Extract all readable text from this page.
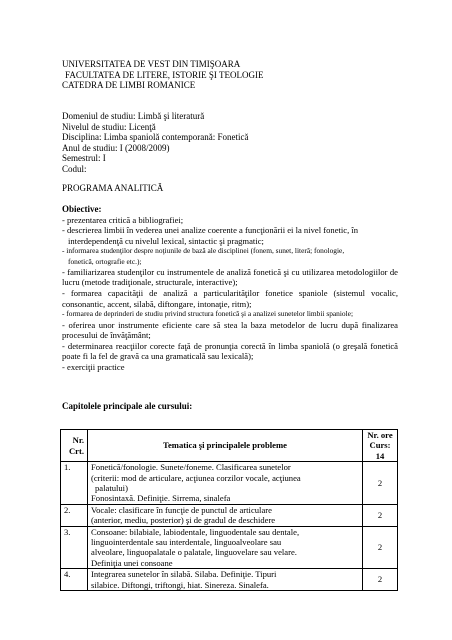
UNIVERSITATEA DE VEST DIN TIMIŞOARA
FACULTATEA DE LITERE, ISTORIE ŞI TEOLOGIE
CATEDRA DE LIMBI ROMANICE
Domeniul de studiu: Limbă şi literatură
Nivelul de studiu: Licenţă
Disciplina: Limba spaniolă contemporană: Fonetică
Anul de studiu: I (2008/2009)
Semestrul: I
Codul:
PROGRAMA ANALITICĂ
Obiective:
- prezentarea critică a bibliografiei;
- descrierea limbii în vederea unei analize coerente a funcţionării ei la nivel fonetic, în
interdependenţă cu nivelul lexical, sintactic şi pragmatic;
- informarea studenţilor despre noţiunile de bază ale disciplinei (fonem, sunet, literă; fonologie,
fonetică, ortografie etc.);
- familiarizarea studenţilor cu instrumentele de analiză fonetică şi cu utilizarea metodologiilor de lucru (metode tradiţionale, structurale, interactive);
- formarea capacităţii de analiză a particularităţilor fonetice spaniole (sistemul vocalic, consonantic, accent, silabă, diftongare, intonaţie, ritm);
- formarea de deprinderi de studiu privind structura fonetică şi a analizei sunetelor limbii spaniole;
- oferirea unor instrumente eficiente care să stea la baza metodelor de lucru după finalizarea procesului de învăţământ;
- determinarea reacţiilor corecte faţă de pronunţia corectă în limba spaniolă (o greşală fonetică poate fi la fel de gravă ca una gramaticală sau lexicală);
- exerciţii practice
Capitolele principale ale cursului:
Nr.
Crt.	Tematica şi principalele probleme	Nr. ore
Curs: 14

1.	Fonetică/fonologie. Sunete/foneme. Clasificarea sunetelor
(criterii: mod de articulare, acţiunea corzilor vocale, acţiunea
palatului)
Fonosintaxă. Definiţie. Sirrema, sinalefa	2
2.	Vocale: clasificare în funcţie de punctul de articulare
(anterior, mediu, posterior) şi de gradul de deschidere	2
3.	Consoane: bilabiale, labiodentale, linguodentale sau dentale,
linguointerdentale sau interdentale, linguoalveolare sau
alveolare, linguopalatale o palatale, linguovelare sau velare.
Definiţia unei consoane	2
4.	Integrarea sunetelor în silabă. Silaba. Definiţie. Tipuri
silabice. Diftongi, triftongi, hiat. Sinereza. Sinalefa.	2
